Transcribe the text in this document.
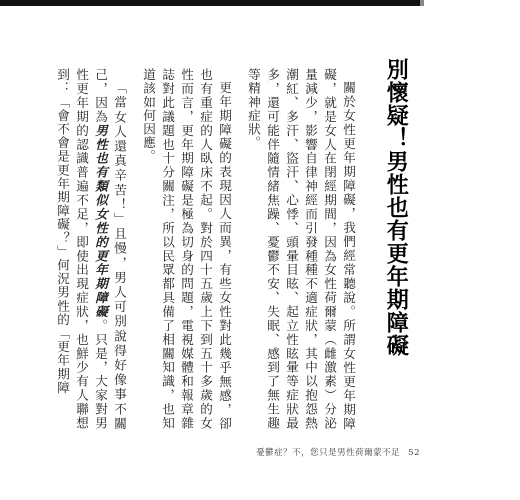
別懷疑！男性也有更年期障礙

關於女性更年期障礙，我們經常聽說。所謂女性更年期障礙，就是女人在閉經期間，因為女性荷爾蒙（雌激素）分泌量減少，影響自律神經而引發種種不適症狀，其中以抱怨熱潮紅、多汗、盜汗、心悸、頭暈目眩、起立性眩暈等症狀最多，還可能伴隨情緒焦躁、憂鬱不安、失眠、感到了無生趣等精神症狀。

更年期障礙的表現因人而異，有些女性對此幾乎無感，卻也有重症的人臥床不起。對於四十五歲上下到五十多歲的女性而言，更年期障礙是極為切身的問題，電視媒體和報章雜誌對此議題也十分關注，所以民眾都具備了相關知識，也知道該如何因應。

「當女人還真辛苦！」且慢，男人可別說得好像事不關己，因為男性也有類似女性的更年期障礙。只是，大家對男性更年期的認識普遍不足，即使出現症狀，也鮮少有人聯想到：「會不會是更年期障礙？」何況男性的「更年期障

憂鬱症？不，您只是男性荷爾蒙不足 52
